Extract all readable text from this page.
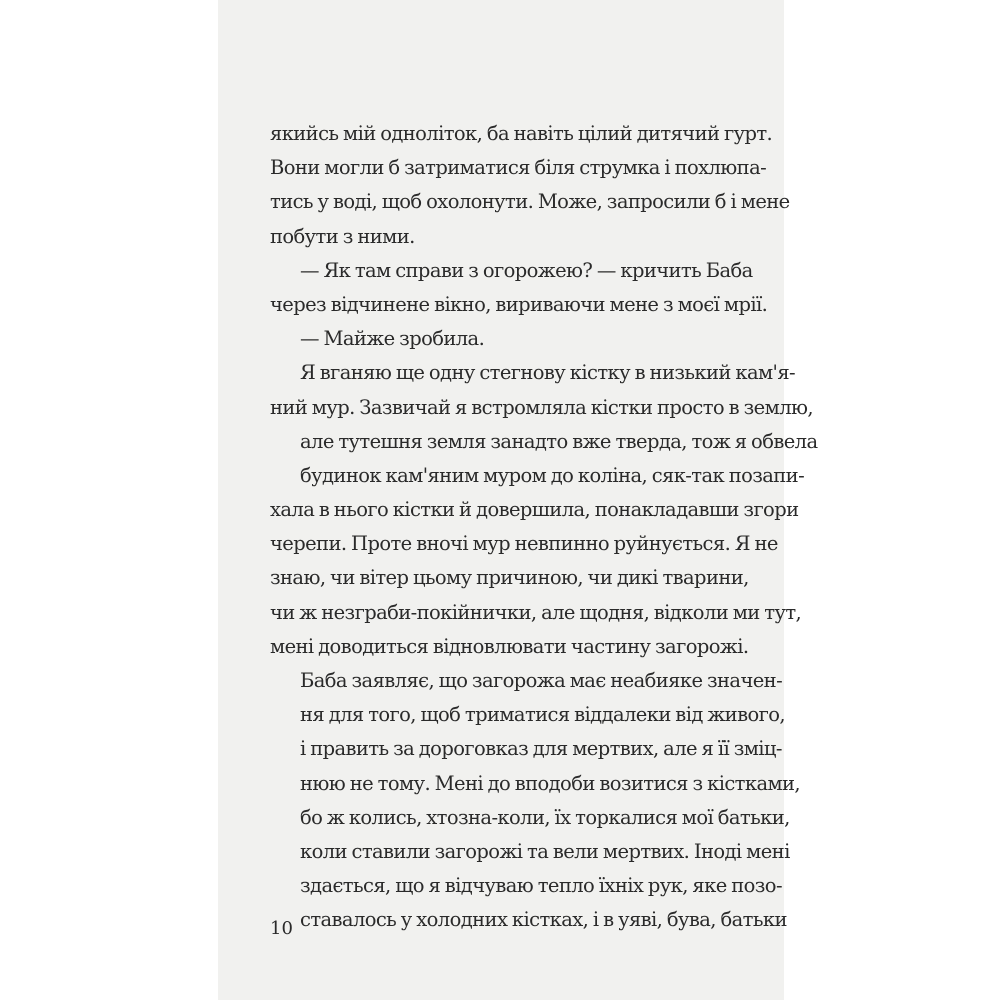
якийсь мій одноліток, ба навіть цілий дитячий гурт.
Вони могли б затриматися біля струмка і похлюпа-
тись у воді, щоб охолонути. Може, запросили б і мене
побути з ними.
— Як там справи з огорожею? — кричить Баба
через відчинене вікно, вириваючи мене з моєї мрії.
— Майже зробила.
Я вганяю ще одну стегнову кістку в низький кам'я-
ний мур. Зазвичай я встромляла кістки просто в землю,
але тутешня земля занадто вже тверда, тож я обвела
будинок кам'яним муром до коліна, сяк-так позапи-
хала в нього кістки й довершила, понакладавши згори
черепи. Проте вночі мур невпинно руйнується. Я не
знаю, чи вітер цьому причиною, чи дикі тварини,
чи ж незграби-покійнички, але щодня, відколи ми тут,
мені доводиться відновлювати частину загорожі.
Баба заявляє, що загорожа має неабияке значен-
ня для того, щоб триматися віддалеки від живого,
і править за дороговказ для мертвих, але я її зміц-
нюю не тому. Мені до вподоби возитися з кістками,
бо ж колись, хтозна-коли, їх торкалися мої батьки,
коли ставили загорожі та вели мертвих. Іноді мені
здається, що я відчуваю тепло їхніх рук, яке позо-
ставалось у холодних кістках, і в уяві, бува, батьки
10
